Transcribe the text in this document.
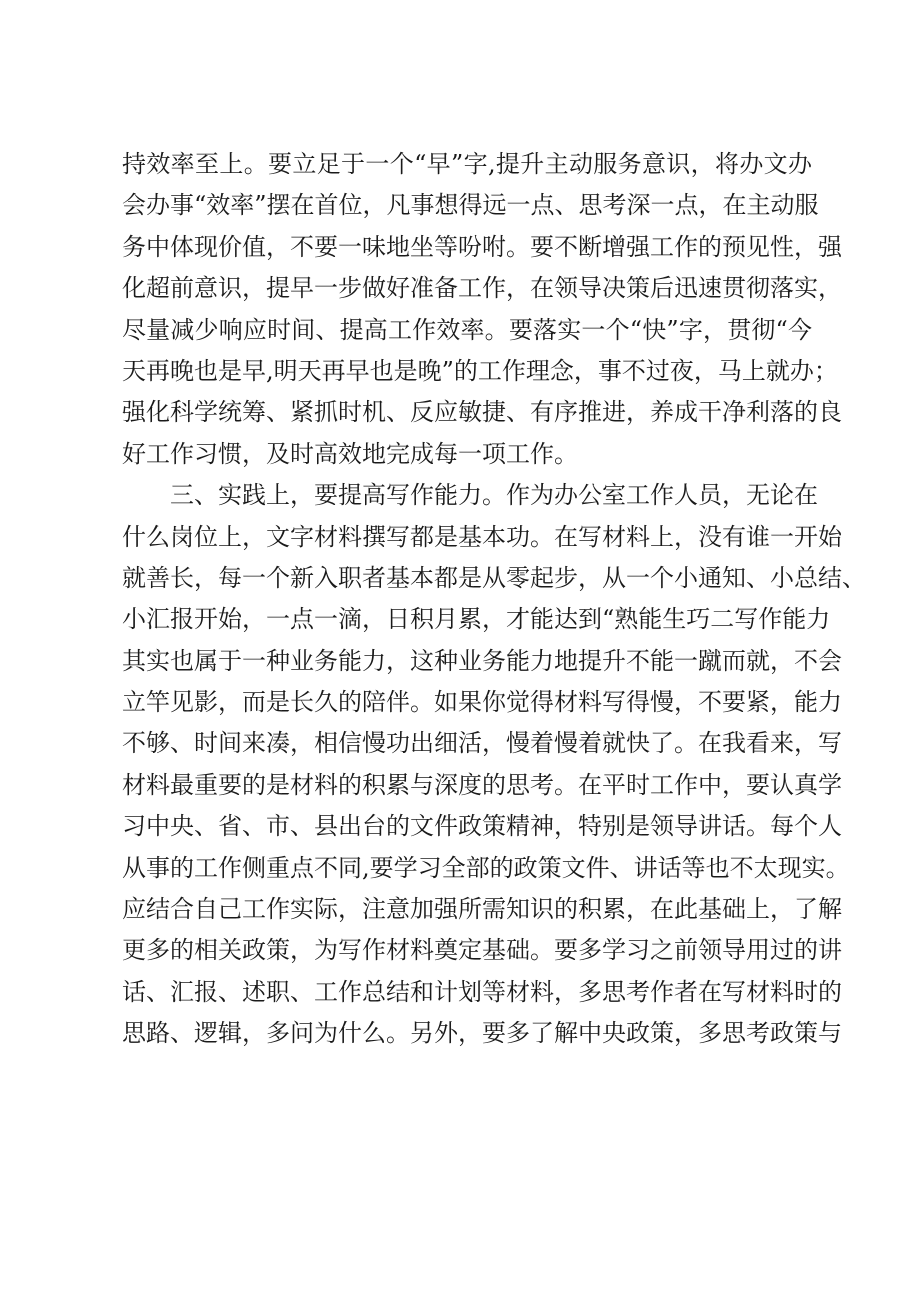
持效率至上。要立足于一个“早”字,提升主动服务意识，将办文办
会办事“效率”摆在首位，凡事想得远一点、思考深一点，在主动服
务中体现价值，不要一味地坐等吩咐。要不断增强工作的预见性，强
化超前意识，提早一步做好准备工作，在领导决策后迅速贯彻落实，
尽量减少响应时间、提高工作效率。要落实一个“快”字，贯彻“今
天再晚也是早,明天再早也是晚”的工作理念，事不过夜，马上就办；
强化科学统筹、紧抓时机、反应敏捷、有序推进，养成干净利落的良
好工作习惯，及时高效地完成每一项工作。
三、实践上，要提高写作能力。作为办公室工作人员，无论在
什么岗位上，文字材料撰写都是基本功。在写材料上，没有谁一开始
就善长，每一个新入职者基本都是从零起步，从一个小通知、小总结、
小汇报开始，一点一滴，日积月累，才能达到“熟能生巧二写作能力
其实也属于一种业务能力，这种业务能力地提升不能一蹴而就，不会
立竿见影，而是长久的陪伴。如果你觉得材料写得慢，不要紧，能力
不够、时间来凑，相信慢功出细活，慢着慢着就快了。在我看来，写
材料最重要的是材料的积累与深度的思考。在平时工作中，要认真学
习中央、省、市、县出台的文件政策精神，特别是领导讲话。每个人
从事的工作侧重点不同,要学习全部的政策文件、讲话等也不太现实。
应结合自己工作实际，注意加强所需知识的积累，在此基础上，了解
更多的相关政策，为写作材料奠定基础。要多学习之前领导用过的讲
话、汇报、述职、工作总结和计划等材料，多思考作者在写材料时的
思路、逻辑，多问为什么。另外，要多了解中央政策，多思考政策与
